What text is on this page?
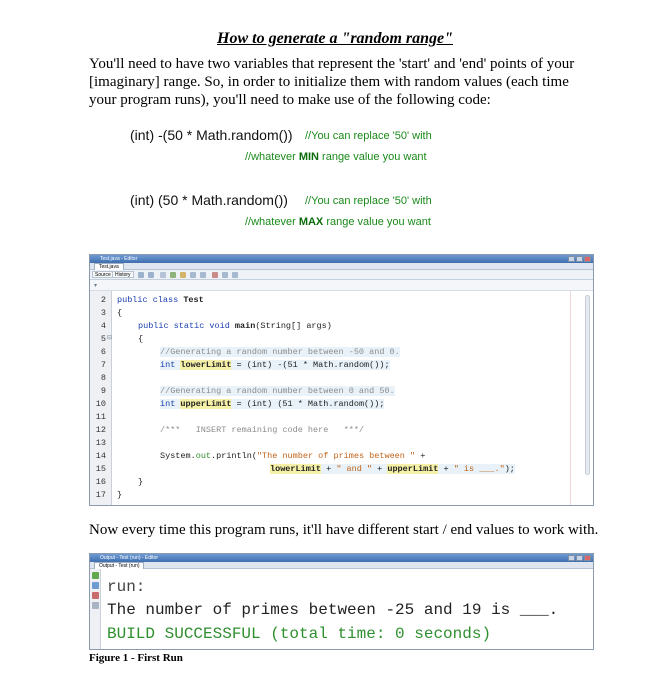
How to generate a "random range"
You'll need to have two variables that represent the 'start' and 'end' points of your [imaginary] range. So, in order to initialize them with random values (each time your program runs), you'll need to make use of the following code:
(int) -(50 * Math.random()) //You can replace '50' with
//whatever MIN range value you want
(int) (50 * Math.random()) //You can replace '50' with
//whatever MAX range value you want
Test.java - Editor
Test.java
Source History
▾
2
3
4
5
6
7
8
9
10
11
12
13
14
15
16
17
⊟
public class Test
{
public static void main(String[] args)
{
//Generating a random number between -50 and 0.
int lowerLimit = (int) -(51 * Math.random());
//Generating a random number between 0 and 50.
int upperLimit = (int) (51 * Math.random());
/***   INSERT remaining code here   ***/
System.out.println("The number of primes between " +
lowerLimit + " and " + upperLimit + " is ___.");
}
}
Now every time this program runs, it'll have different start / end values to work with.
Output - Test (run) - Editor
Output - Test (run)
run:
The number of primes between -25 and 19 is ___.
BUILD SUCCESSFUL (total time: 0 seconds)
Figure 1 - First Run
